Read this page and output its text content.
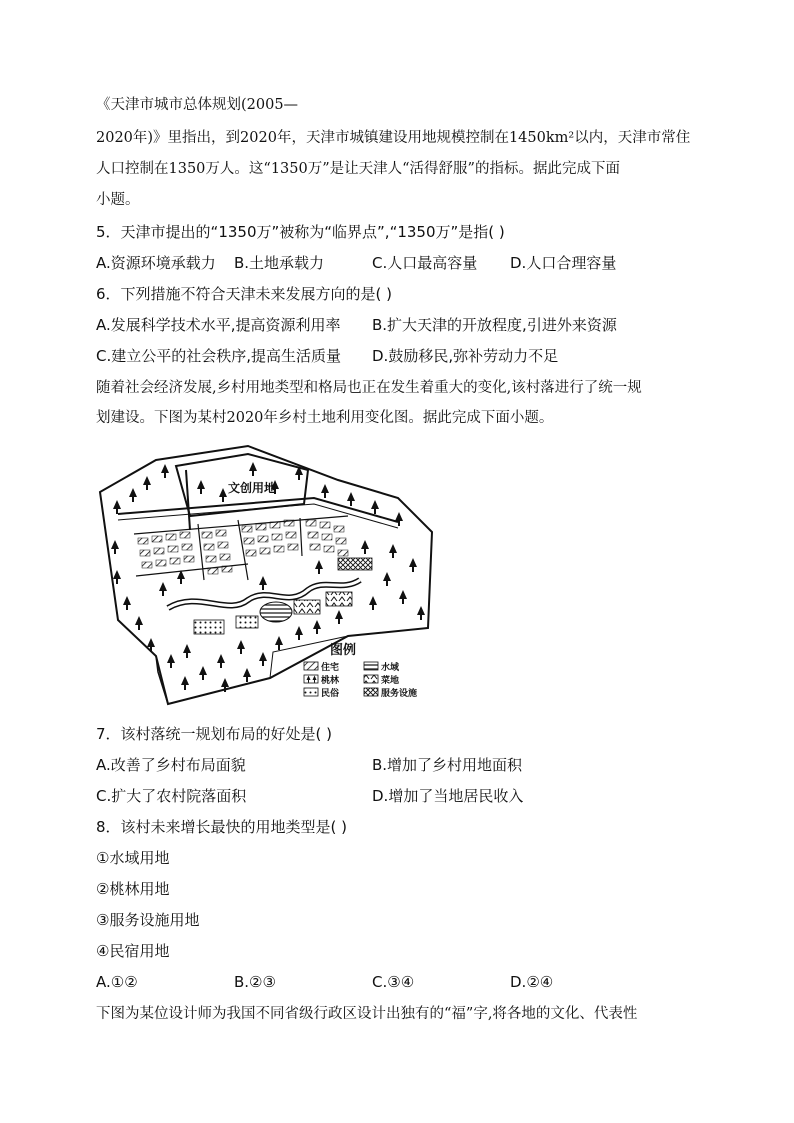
《天津市城市总体规划(2005—
2020年)》里指出，到2020年，天津市城镇建设用地规模控制在1450km²以内，天津市常住
人口控制在1350万人。这“1350万”是让天津人“活得舒服”的指标。据此完成下面
小题。
5．天津市提出的“1350万”被称为“临界点”,“1350万”是指( )
A.资源环境承载力 B.土地承载力	C.人口最高容量 D.人口合理容量
6．下列措施不符合天津未来发展方向的是( )
A.发展科学技术水平,提高资源利用率 B.扩大天津的开放程度,引进外来资源
C.建立公平的社会秩序,提高生活质量 D.鼓励移民,弥补劳动力不足
随着社会经济发展,乡村用地类型和格局也正在发生着重大的变化,该村落进行了统一规
划建设。下图为某村2020年乡村土地利用变化图。据此完成下面小题。
文创用地
图例
住宅	水域
桃林	菜地
民俗	服务设施
7．该村落统一规划布局的好处是( )
A.改善了乡村布局面貌	B.增加了乡村用地面积
C.扩大了农村院落面积	D.增加了当地居民收入
8．该村未来增长最快的用地类型是( )
①水域用地
②桃林用地
③服务设施用地
④民宿用地
A.①②	B.②③	C.③④	D.②④
下图为某位设计师为我国不同省级行政区设计出独有的“福”字,将各地的文化、代表性
